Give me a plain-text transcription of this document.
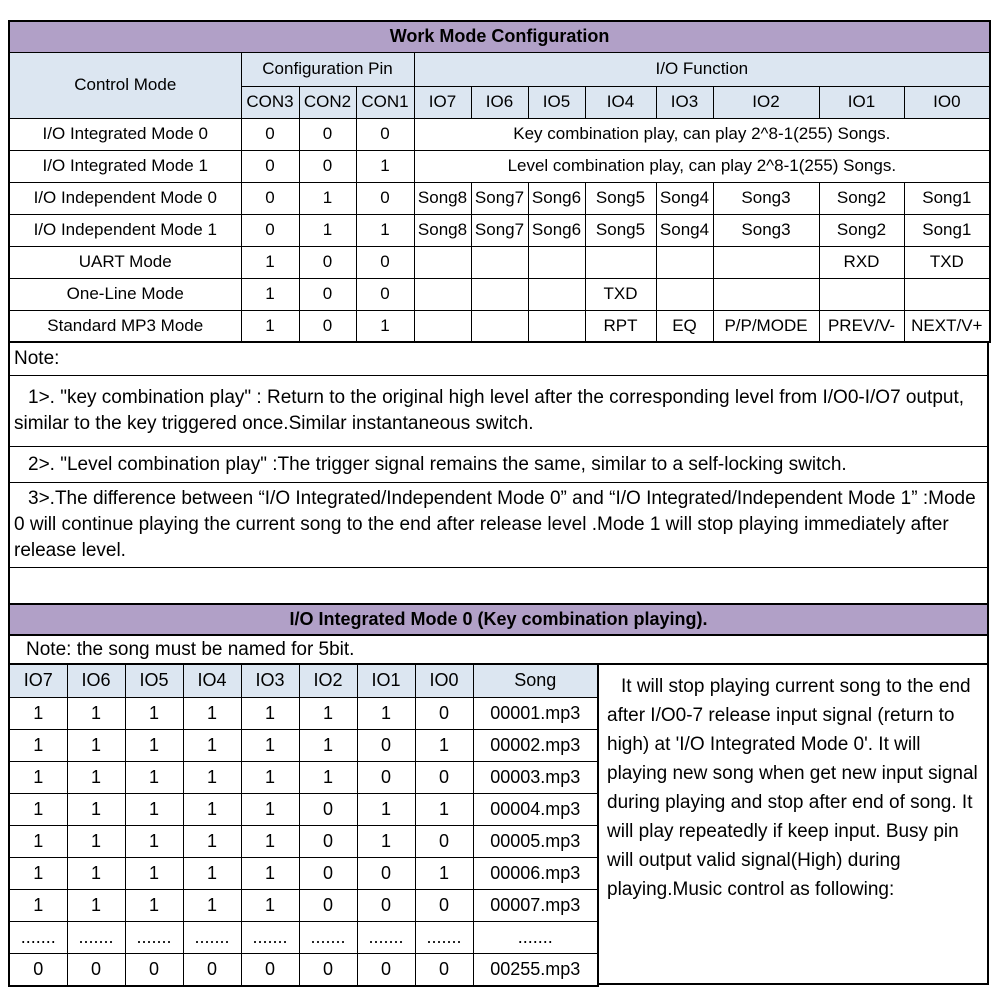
Work Mode Configuration											
Control Mode	Configuration Pin			I/O Function							
	CON3	CON2	CON1	IO7	IO6	IO5	IO4	IO3	IO2	IO1	IO0
I/O Integrated Mode 0	0	0	0	Key combination play, can play 2^8-1(255) Songs.							
I/O Integrated Mode 1	0	0	1	Level combination play, can play 2^8-1(255) Songs.							
I/O Independent Mode 0	0	1	0	Song8	Song7	Song6	Song5	Song4	Song3	Song2	Song1
I/O Independent Mode 1	0	1	1	Song8	Song7	Song6	Song5	Song4	Song3	Song2	Song1
UART Mode	1	0	0							RXD	TXD
One-Line Mode	1	0	0				TXD				
Standard MP3 Mode	1	0	1				RPT	EQ	P/P/MODE	PREV/V-	NEXT/V+
Note:
1>. "key combination play" : Return to the original high level after the corresponding level from I/O0-I/O7 output, similar to the key triggered once.Similar instantaneous switch.
2>. "Level combination play" :The trigger signal remains the same, similar to a self-locking switch.
3>.The difference between “I/O Integrated/Independent Mode 0” and “I/O Integrated/Independent Mode 1” :Mode 0 will continue playing the current song to the end after release level .Mode 1 will stop playing immediately after release level.

I/O Integrated Mode 0 (Key combination playing).
Note: the song must be named for 5bit.
IO7	IO6	IO5	IO4	IO3	IO2	IO1	IO0	Song
1	1	1	1	1	1	1	0	00001.mp3
1	1	1	1	1	1	0	1	00002.mp3
1	1	1	1	1	1	0	0	00003.mp3
1	1	1	1	1	0	1	1	00004.mp3
1	1	1	1	1	0	1	0	00005.mp3
1	1	1	1	1	0	0	1	00006.mp3
1	1	1	1	1	0	0	0	00007.mp3
.......	.......	.......	.......	.......	.......	.......	.......	.......
0	0	0	0	0	0	0	0	00255.mp3
It will stop playing current song to the end after I/O0-7 release input signal (return to high) at 'I/O Integrated Mode 0'. It will playing new song when get new input signal during playing and stop after end of song. It will play repeatedly if keep input. Busy pin will output valid signal(High) during playing.Music control as following:
